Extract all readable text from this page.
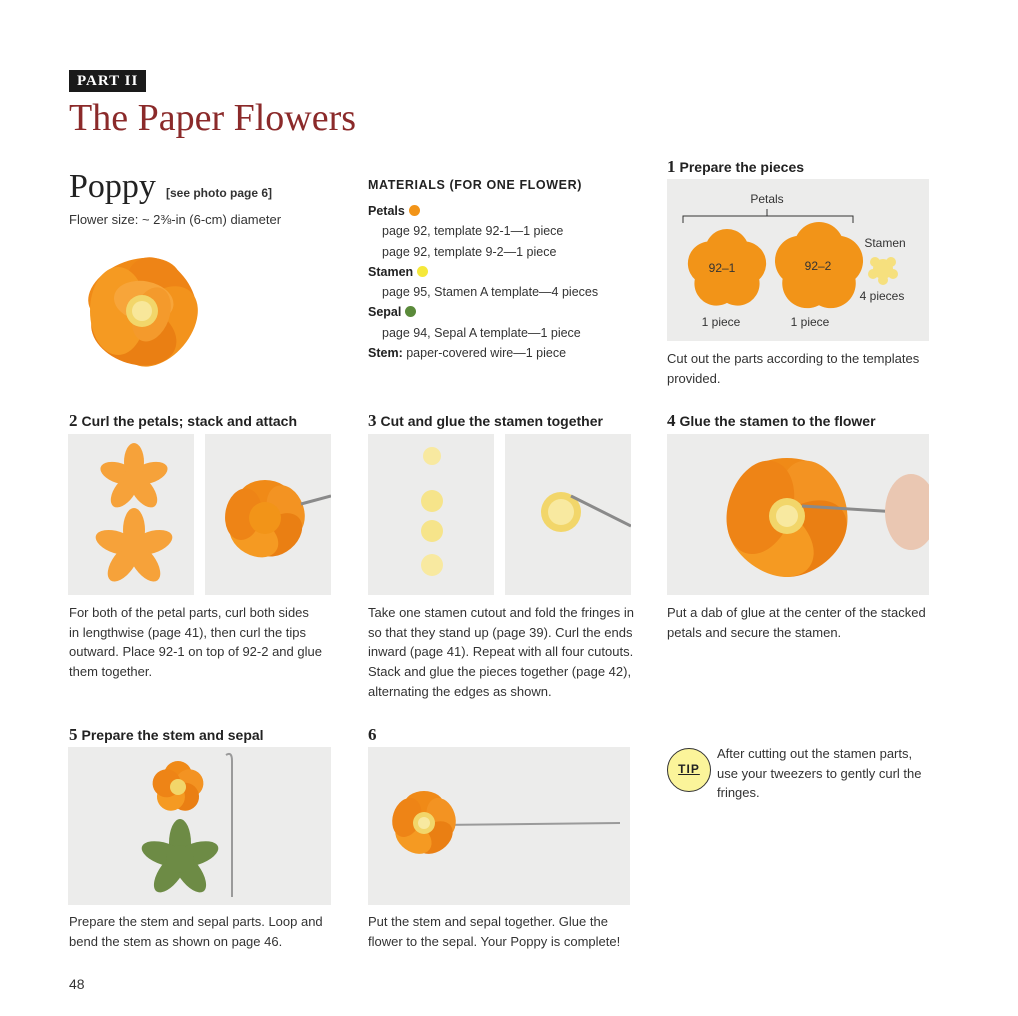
PART II
The Paper Flowers
Poppy [see photo page 6]
Flower size: ~ 2⅜-in (6-cm) diameter
MATERIALS (FOR ONE FLOWER)
Petals
page 92, template 92-1—1 piece
page 92, template 9-2—1 piece
Stamen
page 95, Stamen A template—4 pieces
Sepal
page 94, Sepal A template—1 piece
Stem: paper-covered wire—1 piece
1 Prepare the pieces
Petals
92–1	92–2
Stamen
1 piece	1 piece
4 pieces
Cut out the parts according to the templates
provided.
2 Curl the petals; stack and attach
For both of the petal parts, curl both sides
in lengthwise (page 41), then curl the tips
outward. Place 92-1 on top of 92-2 and glue
them together.
3 Cut and glue the stamen together
Take one stamen cutout and fold the fringes in
so that they stand up (page 39). Curl the ends
inward (page 41). Repeat with all four cutouts.
Stack and glue the pieces together (page 42),
alternating the edges as shown.
4 Glue the stamen to the flower
Put a dab of glue at the center of the stacked
petals and secure the stamen.
5 Prepare the stem and sepal
Prepare the stem and sepal parts. Loop and
bend the stem as shown on page 46.
6
Put the stem and sepal together. Glue the
flower to the sepal. Your Poppy is complete!
TIP
After cutting out the stamen parts,
use your tweezers to gently curl the
fringes.
48
